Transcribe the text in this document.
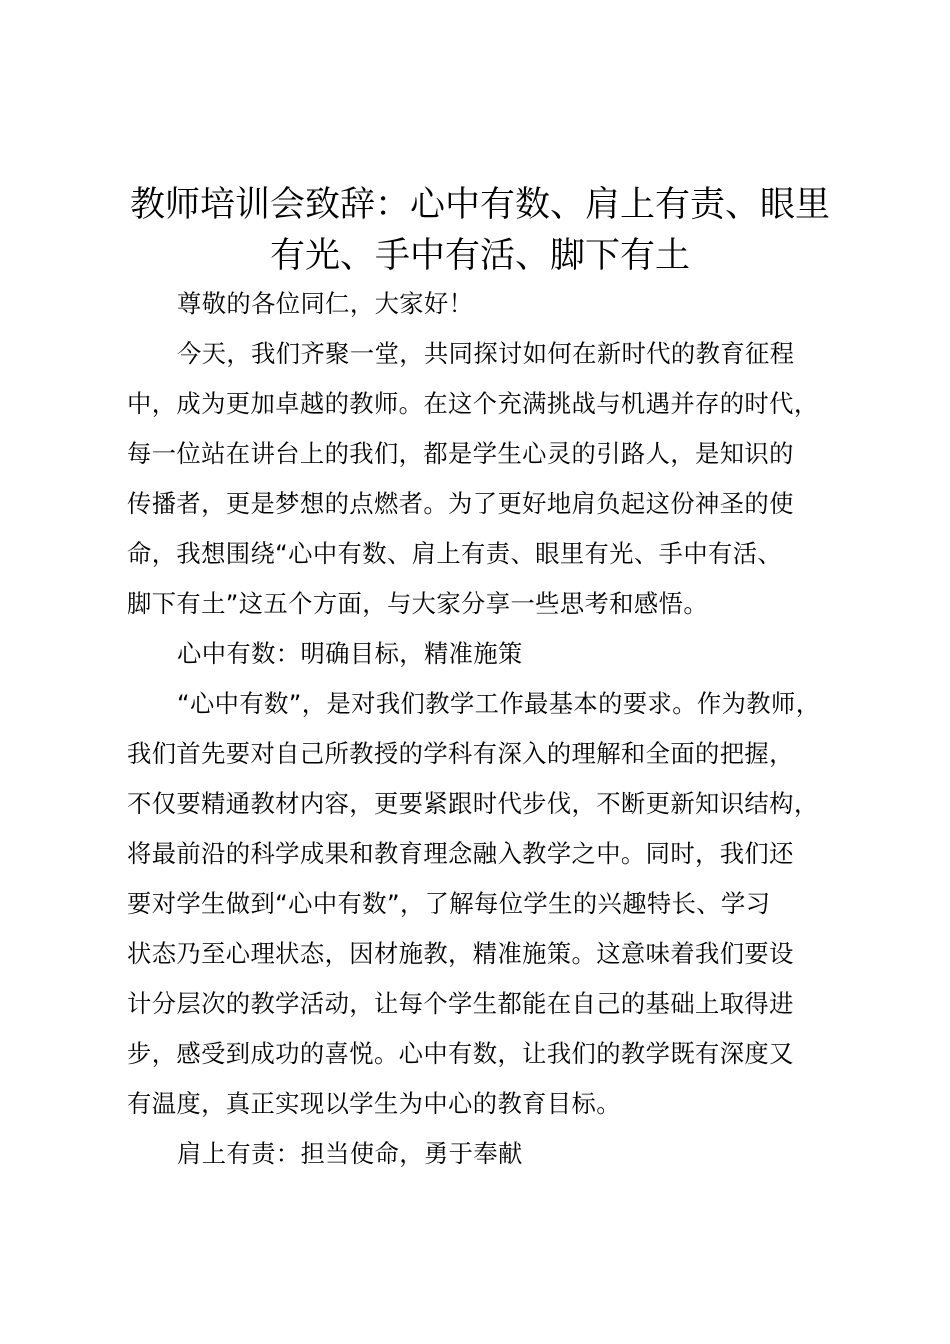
教师培训会致辞：心中有数、肩上有责、眼里
有光、手中有活、脚下有土

尊敬的各位同仁，大家好！

今天，我们齐聚一堂，共同探讨如何在新时代的教育征程
中，成为更加卓越的教师。在这个充满挑战与机遇并存的时代，
每一位站在讲台上的我们，都是学生心灵的引路人，是知识的
传播者，更是梦想的点燃者。为了更好地肩负起这份神圣的使
命，我想围绕“心中有数、肩上有责、眼里有光、手中有活、
脚下有土”这五个方面，与大家分享一些思考和感悟。

心中有数：明确目标，精准施策

“心中有数”，是对我们教学工作最基本的要求。作为教师，
我们首先要对自己所教授的学科有深入的理解和全面的把握，
不仅要精通教材内容，更要紧跟时代步伐，不断更新知识结构，
将最前沿的科学成果和教育理念融入教学之中。同时，我们还
要对学生做到“心中有数”，了解每位学生的兴趣特长、学习
状态乃至心理状态，因材施教，精准施策。这意味着我们要设
计分层次的教学活动，让每个学生都能在自己的基础上取得进
步，感受到成功的喜悦。心中有数，让我们的教学既有深度又
有温度，真正实现以学生为中心的教育目标。

肩上有责：担当使命，勇于奉献
